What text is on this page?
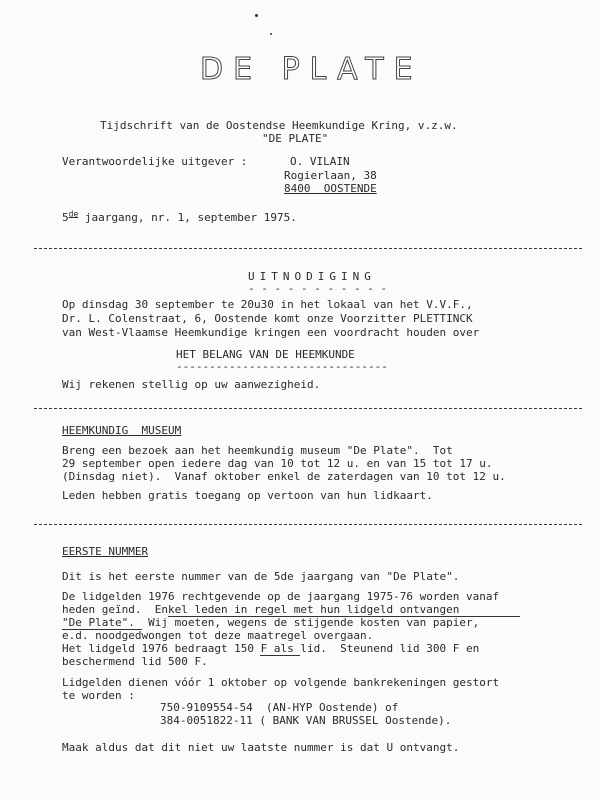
DE PLATE
Tijdschrift van de Oostendse Heemkundige Kring, v.z.w.
"DE PLATE"
Verantwoordelijke uitgever :	O. VILAIN
Rogierlaan, 38
8400  OOSTENDE
5de jaargang, nr. 1, september 1975.
UITNODIGING
- - - - - - - - - - -
Op dinsdag 30 september te 20u30 in het lokaal van het V.V.F.,
Dr. L. Colenstraat, 6, Oostende komt onze Voorzitter PLETTINCK
van West-Vlaamse Heemkundige kringen een voordracht houden over
HET BELANG VAN DE HEEMKUNDE
--------------------------------
Wij rekenen stellig op uw aanwezigheid.
HEEMKUNDIG  MUSEUM
Breng een bezoek aan het heemkundig museum "De Plate".  Tot
29 september open iedere dag van 10 tot 12 u. en van 15 tot 17 u.
(Dinsdag niet).  Vanaf oktober enkel de zaterdagen van 10 tot 12 u.
Leden hebben gratis toegang op vertoon van hun lidkaart.
EERSTE NUMMER
Dit is het eerste nummer van de 5de jaargang van "De Plate".
De lidgelden 1976 rechtgevende op de jaargang 1975-76 worden vanaf
heden geïnd.  Enkel leden in regel met hun lidgeld ontvangen
"De Plate".  Wij moeten, wegens de stijgende kosten van papier,
e.d. noodgedwongen tot deze maatregel overgaan.
Het lidgeld 1976 bedraagt 150 F als lid.  Steunend lid 300 F en
beschermend lid 500 F.
Lidgelden dienen vóór 1 oktober op volgende bankrekeningen gestort
te worden :
750-9109554-54  (AN-HYP Oostende) of
384-0051822-11 ( BANK VAN BRUSSEL Oostende).
Maak aldus dat dit niet uw laatste nummer is dat U ontvangt.
